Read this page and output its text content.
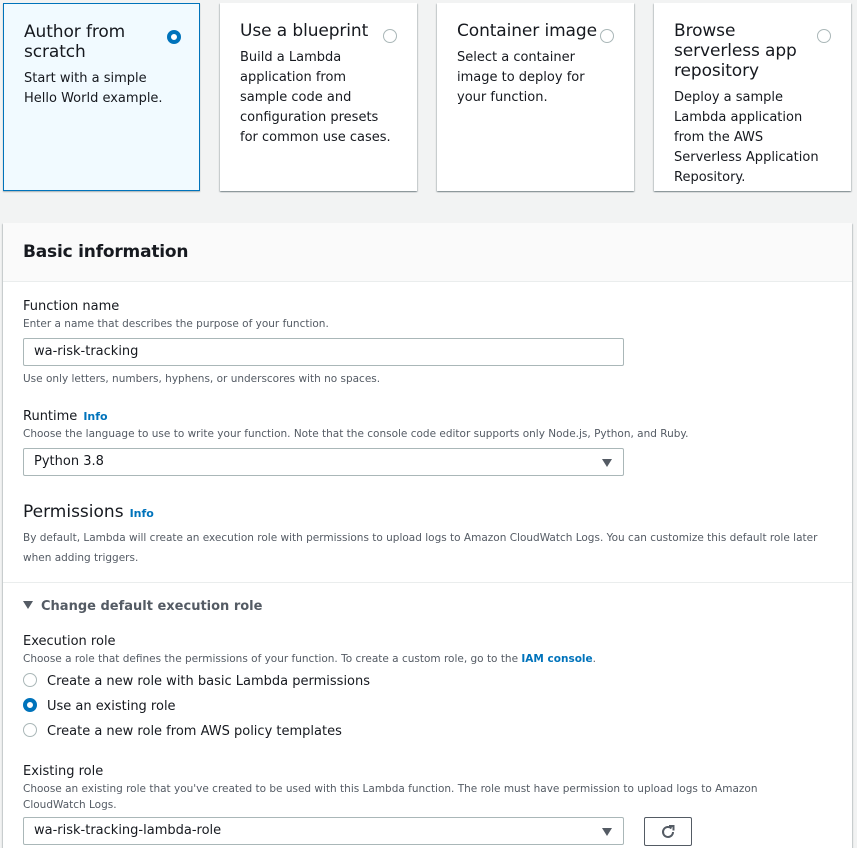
Author from scratch
Start with a simple Hello World example.
Use a blueprint
Build a Lambda application from sample code and configuration presets for common use cases.
Container image
Select a container image to deploy for your function.
Browse serverless app repository
Deploy a sample Lambda application from the AWS Serverless Application Repository.
Basic information
Function name
Enter a name that describes the purpose of your function.
wa-risk-tracking
Use only letters, numbers, hyphens, or underscores with no spaces.
Runtime Info
Choose the language to use to write your function. Note that the console code editor supports only Node.js, Python, and Ruby.
Python 3.8
Permissions Info
By default, Lambda will create an execution role with permissions to upload logs to Amazon CloudWatch Logs. You can customize this default role later when adding triggers.
Change default execution role
Execution role
Choose a role that defines the permissions of your function. To create a custom role, go to the IAM console.
Create a new role with basic Lambda permissions
Use an existing role
Create a new role from AWS policy templates
Existing role
Choose an existing role that you've created to be used with this Lambda function. The role must have permission to upload logs to Amazon CloudWatch Logs.
wa-risk-tracking-lambda-role
